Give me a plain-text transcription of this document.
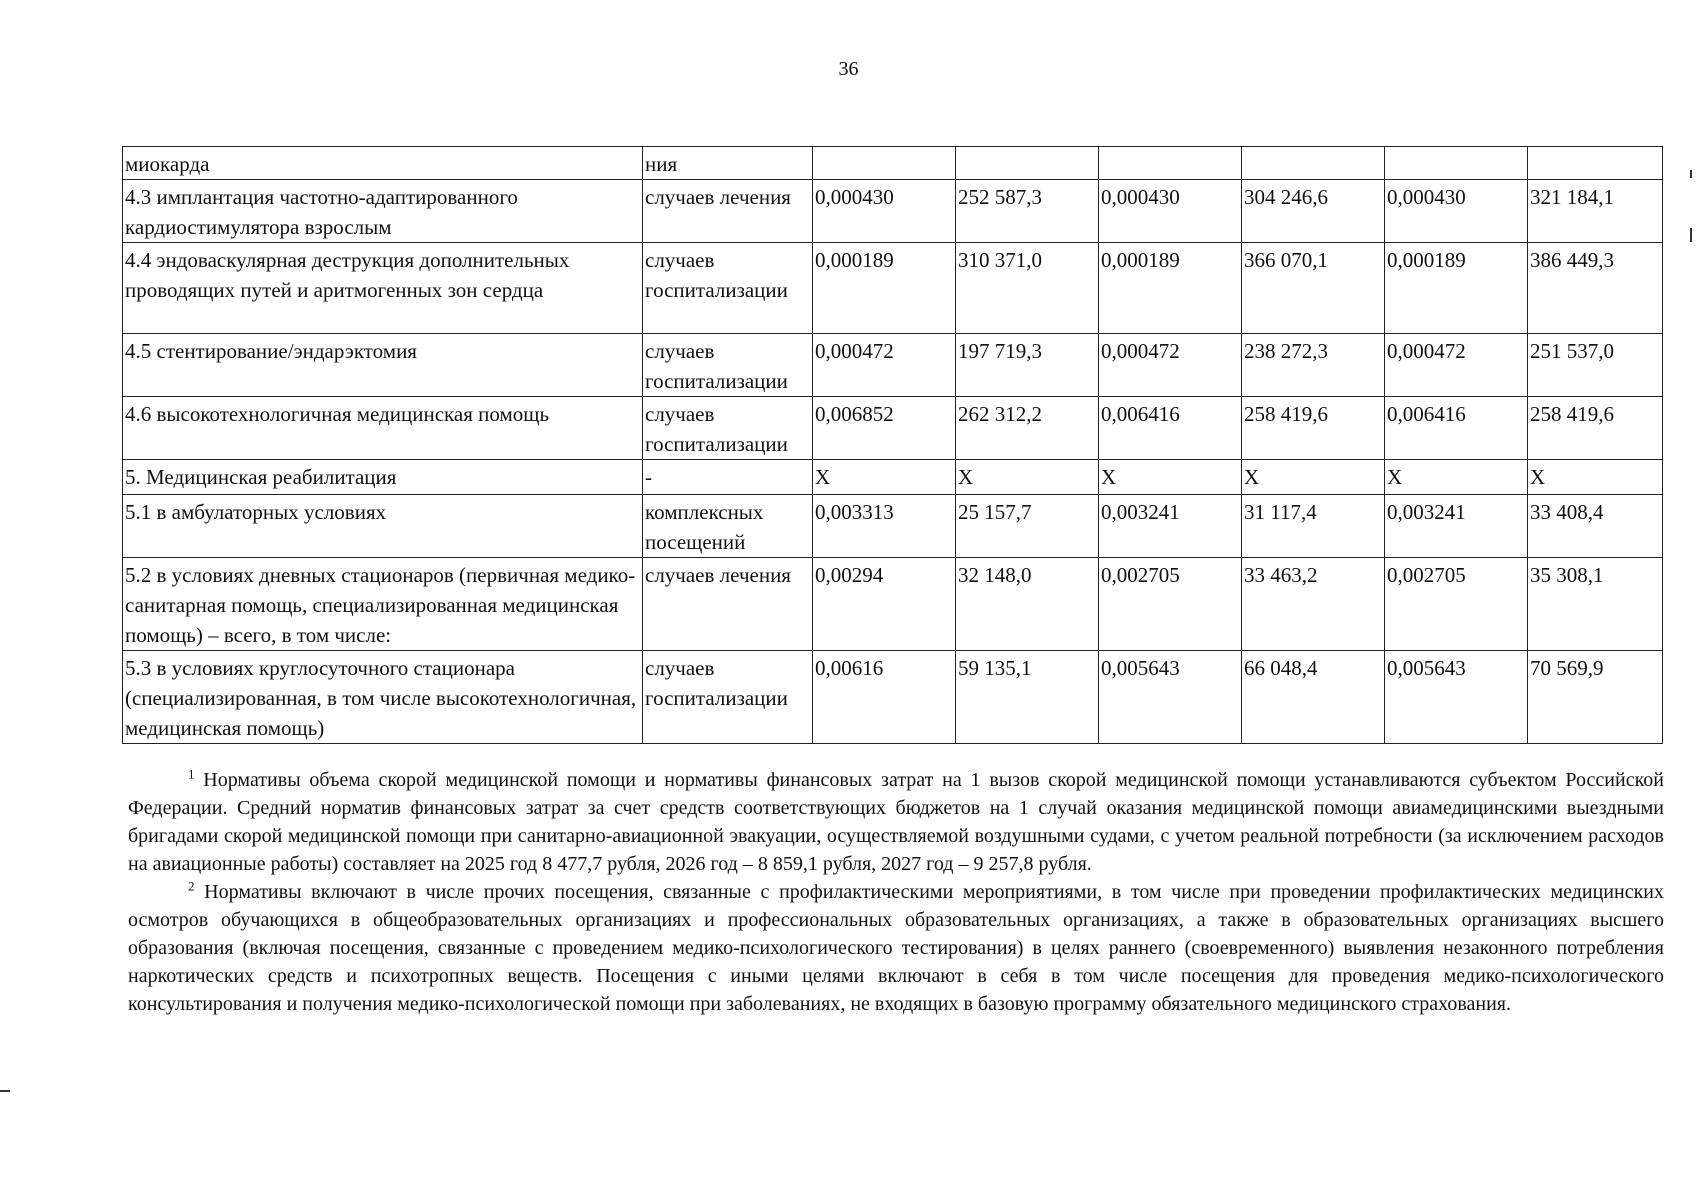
36
миокарда	ния						
4.3 имплантация частотно-адаптированного кардиостимулятора взрослым	случаев лечения	0,000430	252 587,3	0,000430	304 246,6	0,000430	321 184,1
4.4 эндоваскулярная деструкция дополнительных проводящих путей и аритмогенных зон сердца	случаев госпитализации	0,000189	310 371,0	0,000189	366 070,1	0,000189	386 449,3
4.5 стентирование/эндарэктомия	случаев госпитализации	0,000472	197 719,3	0,000472	238 272,3	0,000472	251 537,0
4.6 высокотехнологичная медицинская помощь	случаев госпитализации	0,006852	262 312,2	0,006416	258 419,6	0,006416	258 419,6
5. Медицинская реабилитация	-	Х	Х	Х	Х	Х	Х
5.1 в амбулаторных условиях	комплексных посещений	0,003313	25 157,7	0,003241	31 117,4	0,003241	33 408,4
5.2 в условиях дневных стационаров (первичная медико-санитарная помощь, специализированная медицинская помощь) – всего, в том числе:	случаев лечения	0,00294	32 148,0	0,002705	33 463,2	0,002705	35 308,1
5.3 в условиях круглосуточного стационара (специализированная, в том числе высокотехнологичная, медицинская помощь)	случаев госпитализации	0,00616	59 135,1	0,005643	66 048,4	0,005643	70 569,9

$^1$ Нормативы объема скорой медицинской помощи и нормативы финансовых затрат на 1 вызов скорой медицинской помощи устанавливаются субъектом Российской Федерации. Средний норматив финансовых затрат за счет средств соответствующих бюджетов на 1 случай оказания медицинской помощи авиамедицинскими выездными бригадами скорой медицинской помощи при санитарно-авиационной эвакуации, осуществляемой воздушными судами, с учетом реальной потребности (за исключением расходов на авиационные работы) составляет на 2025 год 8 477,7 рубля, 2026 год – 8 859,1 рубля, 2027 год – 9 257,8 рубля.

$^2$ Нормативы включают в числе прочих посещения, связанные с профилактическими мероприятиями, в том числе при проведении профилактических медицинских осмотров обучающихся в общеобразовательных организациях и профессиональных образовательных организациях, а также в образовательных организациях высшего образования (включая посещения, связанные с проведением медико-психологического тестирования) в целях раннего (своевременного) выявления незаконного потребления наркотических средств и психотропных веществ. Посещения с иными целями включают в себя в том числе посещения для проведения медико-психологического консультирования и получения медико-психологической помощи при заболеваниях, не входящих в базовую программу обязательного медицинского страхования.
